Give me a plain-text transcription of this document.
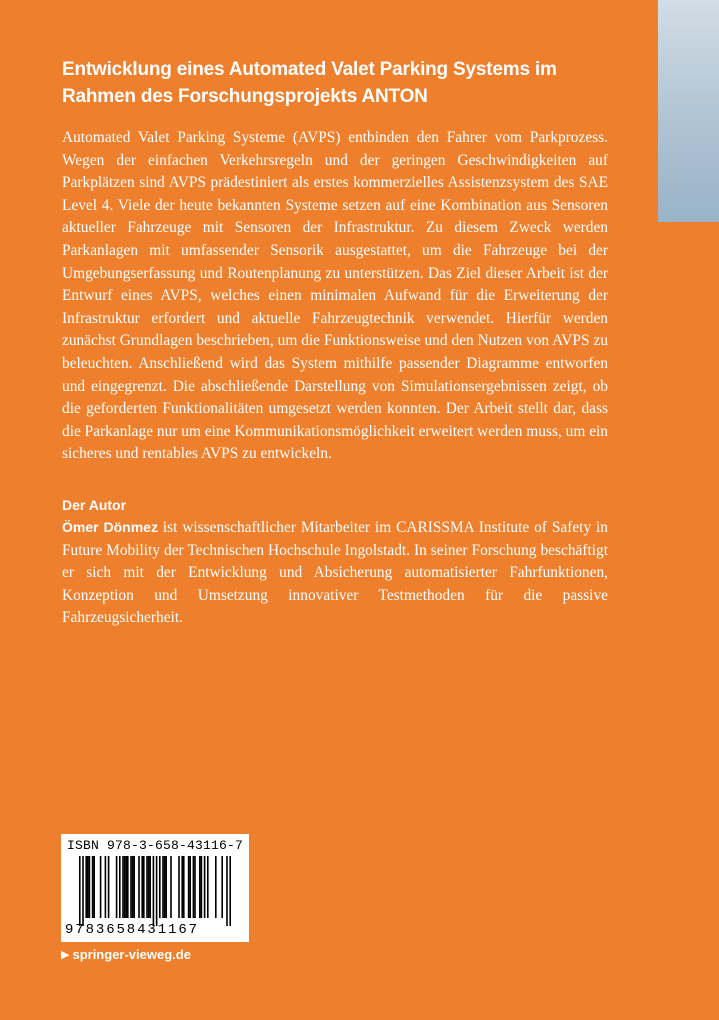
Entwicklung eines Automated Valet Parking Systems im
Rahmen des Forschungsprojekts ANTON

Automated Valet Parking Systeme (AVPS) entbinden den Fahrer vom Parkprozess. Wegen der einfachen Verkehrsregeln und der geringen Geschwindigkeiten auf Parkplätzen sind AVPS prädestiniert als erstes kommerzielles Assistenzsystem des SAE Level 4. Viele der heute bekannten Systeme setzen auf eine Kombination aus Sensoren aktueller Fahrzeuge mit Sensoren der Infrastruktur. Zu diesem Zweck werden Parkanlagen mit umfassender Sensorik ausgestattet, um die Fahrzeuge bei der Umgebungserfassung und Routenplanung zu unterstützen. Das Ziel dieser Arbeit ist der Entwurf eines AVPS, welches einen minimalen Aufwand für die Erweiterung der Infrastruktur erfordert und aktuelle Fahrzeugtechnik verwendet. Hierfür werden zunächst Grundlagen beschrieben, um die Funktionsweise und den Nutzen von AVPS zu beleuchten. Anschließend wird das System mithilfe passender Diagramme entworfen und eingegrenzt. Die abschließende Darstellung von Simulationsergebnissen zeigt, ob die geforderten Funktionalitäten umgesetzt werden konnten. Der Arbeit stellt dar, dass die Parkanlage nur um eine Kommunikationsmöglichkeit erweitert werden muss, um ein sicheres und rentables AVPS zu entwickeln.

Der Autor

Ömer Dönmez ist wissenschaftlicher Mitarbeiter im CARISSMA Institute of Safety in Future Mobility der Technischen Hochschule Ingolstadt. In seiner Forschung beschäftigt er sich mit der Entwicklung und Absicherung automatisierter Fahrfunktionen, Konzeption und Umsetzung innovativer Testmethoden für die passive Fahrzeugsicherheit.

ISBN 978-3-658-43116-7
9783658431167
▶ springer-vieweg.de
